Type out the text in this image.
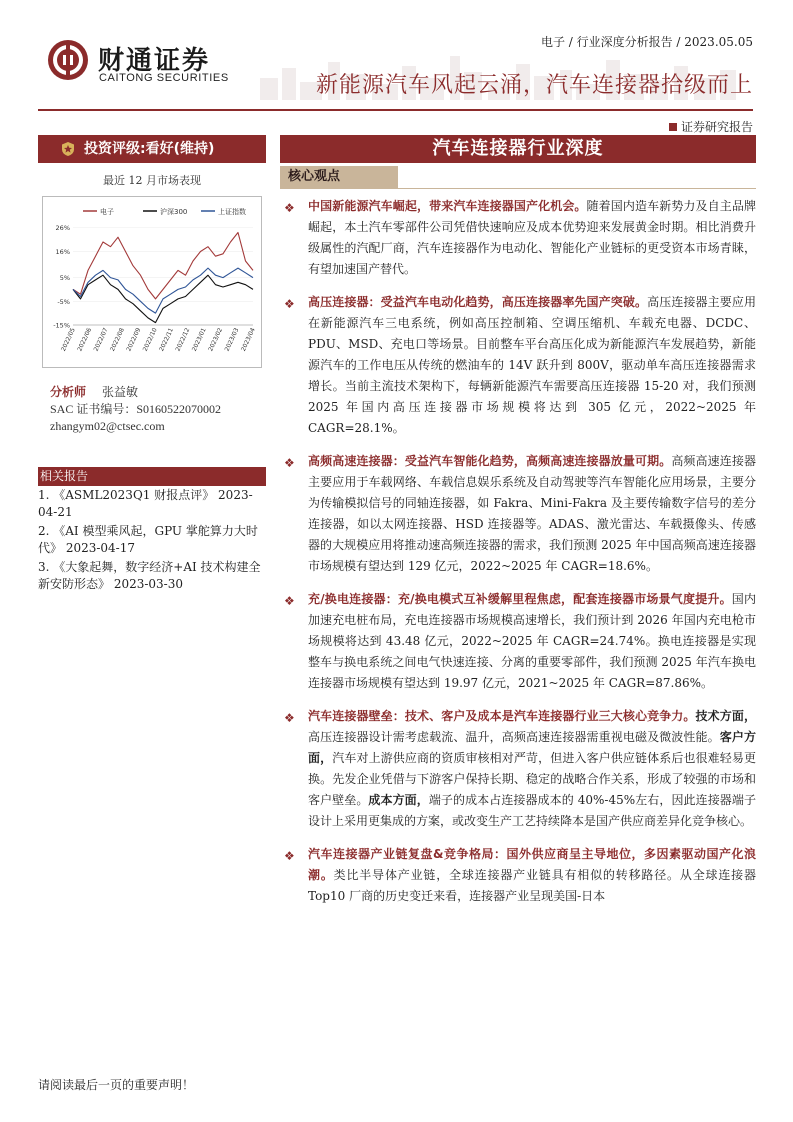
财通证券
CAITONG SECURITIES
电子 / 行业深度分析报告 / 2023.05.05
新能源汽车风起云涌，汽车连接器拾级而上
证券研究报告
投资评级:看好(维持)
最近 12 月市场表现
电子	沪深300	上证指数
26%
16%
5%
-5%
-15%
2022/05 2022/06 2022/07 2022/08 2022/09 2022/10 2022/11 2022/12 2023/01 2023/02 2023/03 2023/04
分析师 张益敏
SAC 证书编号：S0160522070002
zhangym02@ctsec.com
相关报告
1. 《ASML2023Q1 财报点评》 2023-04-21
2. 《AI 模型乘风起，GPU 掌舵算力大时代》 2023-04-17
3. 《大象起舞，数字经济+AI 技术构建全新安防形态》 2023-03-30
汽车连接器行业深度
核心观点
❖ 中国新能源汽车崛起，带来汽车连接器国产化机会。随着国内造车新势力及自主品牌崛起，本土汽车零部件公司凭借快速响应及成本优势迎来发展黄金时期。相比消费升级属性的汽配厂商，汽车连接器作为电动化、智能化产业链标的更受资本市场青睐，有望加速国产替代。
❖ 高压连接器：受益汽车电动化趋势，高压连接器率先国产突破。高压连接器主要应用在新能源汽车三电系统，例如高压控制箱、空调压缩机、车载充电器、DCDC、PDU、MSD、充电口等场景。目前整车平台高压化成为新能源汽车发展趋势，新能源汽车的工作电压从传统的燃油车的 14V 跃升到 800V，驱动单车高压连接器需求增长。当前主流技术架构下，每辆新能源汽车需要高压连接器 15-20 对，我们预测 2025 年国内高压连接器市场规模将达到 305 亿元，2022~2025 年 CAGR=28.1%。
❖ 高频高速连接器：受益汽车智能化趋势，高频高速连接器放量可期。高频高速连接器主要应用于车载网络、车载信息娱乐系统及自动驾驶等汽车智能化应用场景，主要分为传输模拟信号的同轴连接器，如 Fakra、Mini-Fakra 及主要传输数字信号的差分连接器，如以太网连接器、HSD 连接器等。ADAS、激光雷达、车载摄像头、传感器的大规模应用将推动速高频连接器的需求，我们预测 2025 年中国高频高速连接器市场规模有望达到 129 亿元，2022~2025 年 CAGR=18.6%。
❖ 充/换电连接器：充/换电模式互补缓解里程焦虑，配套连接器市场景气度提升。国内加速充电桩布局，充电连接器市场规模高速增长，我们预计到 2026 年国内充电枪市场规模将达到 43.48 亿元，2022~2025 年 CAGR=24.74%。换电连接器是实现整车与换电系统之间电气快速连接、分离的重要零部件，我们预测 2025 年汽车换电连接器市场规模有望达到 19.97 亿元，2021~2025 年 CAGR=87.86%。
❖ 汽车连接器壁垒：技术、客户及成本是汽车连接器行业三大核心竞争力。技术方面，高压连接器设计需考虑载流、温升，高频高速连接器需重视电磁及微波性能。客户方面，汽车对上游供应商的资质审核相对严苛，但进入客户供应链体系后也很难轻易更换。先发企业凭借与下游客户保持长期、稳定的战略合作关系，形成了较强的市场和客户壁垒。成本方面，端子的成本占连接器成本的 40%-45%左右，因此连接器端子设计上采用更集成的方案，或改变生产工艺持续降本是国产供应商差异化竞争核心。
❖ 汽车连接器产业链复盘&竞争格局：国外供应商呈主导地位，多因素驱动国产化浪潮。类比半导体产业链，全球连接器产业链具有相似的转移路径。从全球连接器 Top10 厂商的历史变迁来看，连接器产业呈现美国-日本
请阅读最后一页的重要声明！
